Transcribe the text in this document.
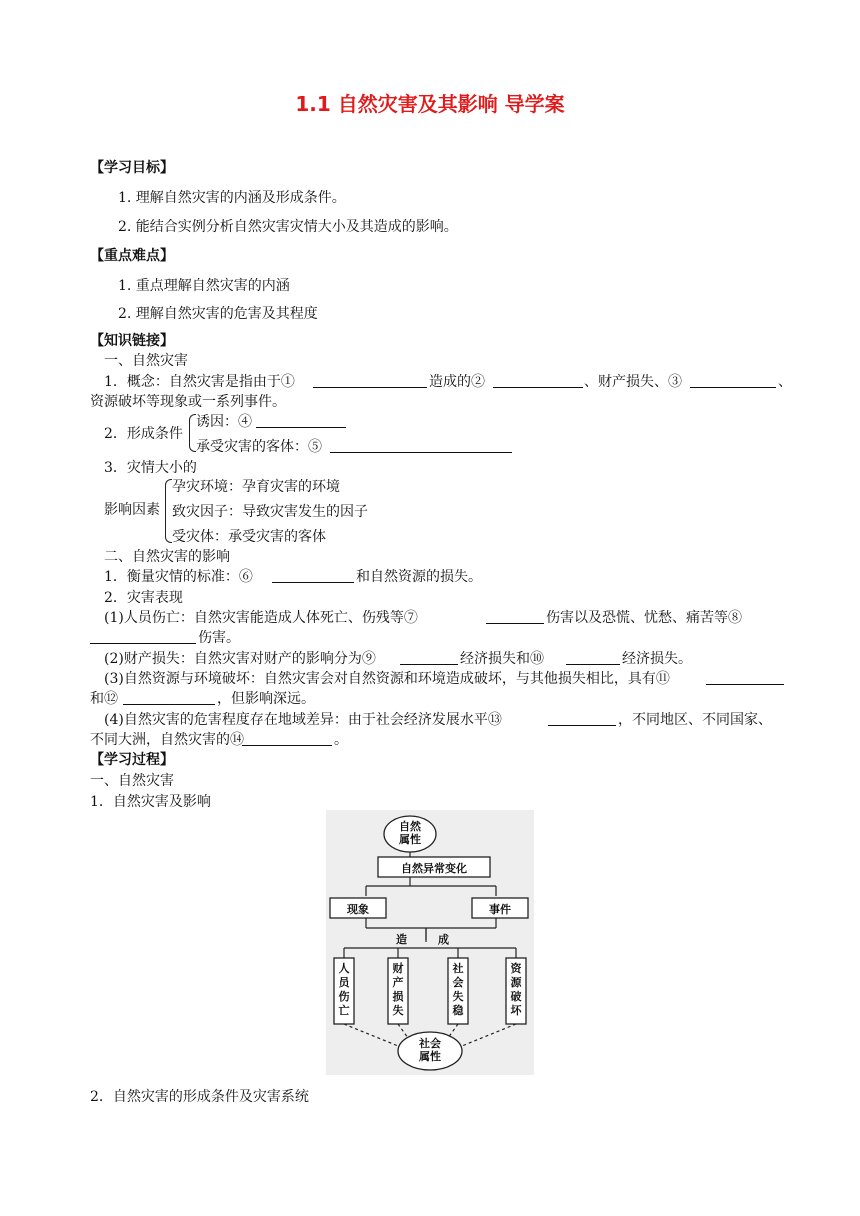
1.1 自然灾害及其影响 导学案
【学习目标】
1. 理解自然灾害的内涵及形成条件。
2. 能结合实例分析自然灾害灾情大小及其造成的影响。
【重点难点】
1. 重点理解自然灾害的内涵
2. 理解自然灾害的危害及其程度
【知识链接】
一、自然灾害
1．概念：自然灾害是指由于①	造成的②	、财产损失、③	、
资源破坏等现象或一系列事件。
2．形成条件
诱因：④
承受灾害的客体：⑤
3．灾情大小的
影响因素
孕灾环境：孕育灾害的环境
致灾因子：导致灾害发生的因子
受灾体：承受灾害的客体
二、自然灾害的影响
1．衡量灾情的标准：⑥	和自然资源的损失。
2．灾害表现
(1)人员伤亡：自然灾害能造成人体死亡、伤残等⑦	伤害以及恐慌、忧愁、痛苦等⑧
伤害。
(2)财产损失：自然灾害对财产的影响分为⑨	经济损失和⑩	经济损失。
(3)自然资源与环境破坏：自然灾害会对自然资源和环境造成破坏，与其他损失相比，具有⑪
和⑫	，但影响深远。
(4)自然灾害的危害程度存在地域差异：由于社会经济发展水平⑬	，不同地区、不同国家、
不同大洲，自然灾害的⑭	。
【学习过程】
一、自然灾害
1．自然灾害及影响
自然属性
自然异常变化
现象	事件
造	成
人员伤亡
财产损失
社会失稳
资源破坏
社会属性
2．自然灾害的形成条件及灾害系统
